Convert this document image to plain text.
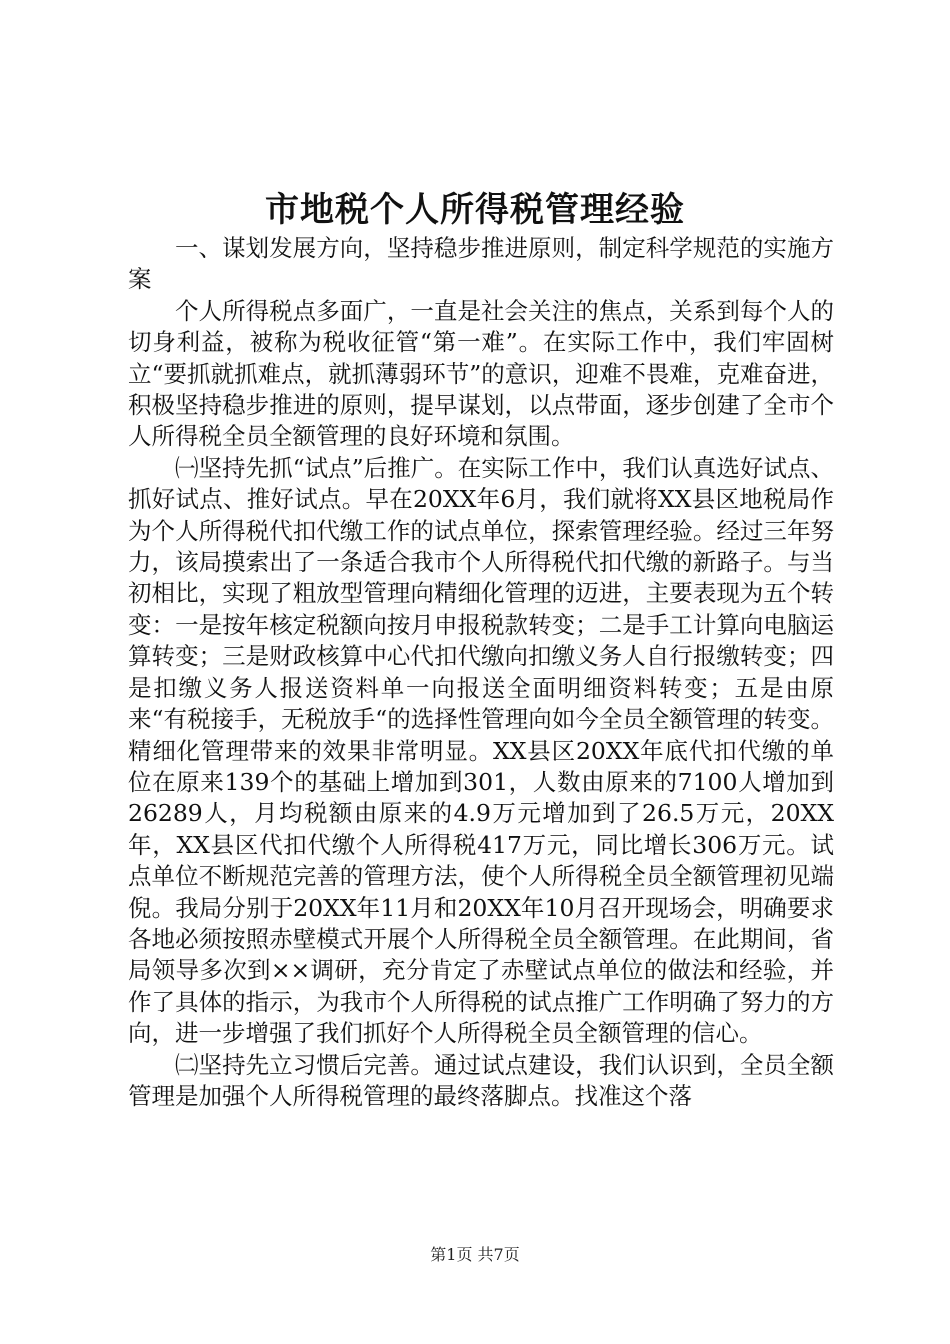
市地税个人所得税管理经验

一、谋划发展方向，坚持稳步推进原则，制定科学规范的实施方案

个人所得税点多面广，一直是社会关注的焦点，关系到每个人的切身利益，被称为税收征管“第一难”。在实际工作中，我们牢固树立“要抓就抓难点，就抓薄弱环节”的意识，迎难不畏难，克难奋进，积极坚持稳步推进的原则，提早谋划，以点带面，逐步创建了全市个人所得税全员全额管理的良好环境和氛围。

㈠坚持先抓“试点”后推广。在实际工作中，我们认真选好试点、抓好试点、推好试点。早在20XX年6月，我们就将XX县区地税局作为个人所得税代扣代缴工作的试点单位，探索管理经验。经过三年努力，该局摸索出了一条适合我市个人所得税代扣代缴的新路子。与当初相比，实现了粗放型管理向精细化管理的迈进，主要表现为五个转变：一是按年核定税额向按月申报税款转变；二是手工计算向电脑运算转变；三是财政核算中心代扣代缴向扣缴义务人自行报缴转变；四是扣缴义务人报送资料单一向报送全面明细资料转变；五是由原来“有税接手，无税放手“的选择性管理向如今全员全额管理的转变。精细化管理带来的效果非常明显。XX县区20XX年底代扣代缴的单位在原来139个的基础上增加到301，人数由原来的7100人增加到26289人，月均税额由原来的4.9万元增加到了26.5万元，20XX年，XX县区代扣代缴个人所得税417万元，同比增长306万元。试点单位不断规范完善的管理方法，使个人所得税全员全额管理初见端倪。我局分别于20XX年11月和20XX年10月召开现场会，明确要求各地必须按照赤壁模式开展个人所得税全员全额管理。在此期间，省局领导多次到××调研，充分肯定了赤壁试点单位的做法和经验，并作了具体的指示，为我市个人所得税的试点推广工作明确了努力的方向，进一步增强了我们抓好个人所得税全员全额管理的信心。

㈡坚持先立习惯后完善。通过试点建设，我们认识到，全员全额管理是加强个人所得税管理的最终落脚点。找准这个落

第1页 共7页
